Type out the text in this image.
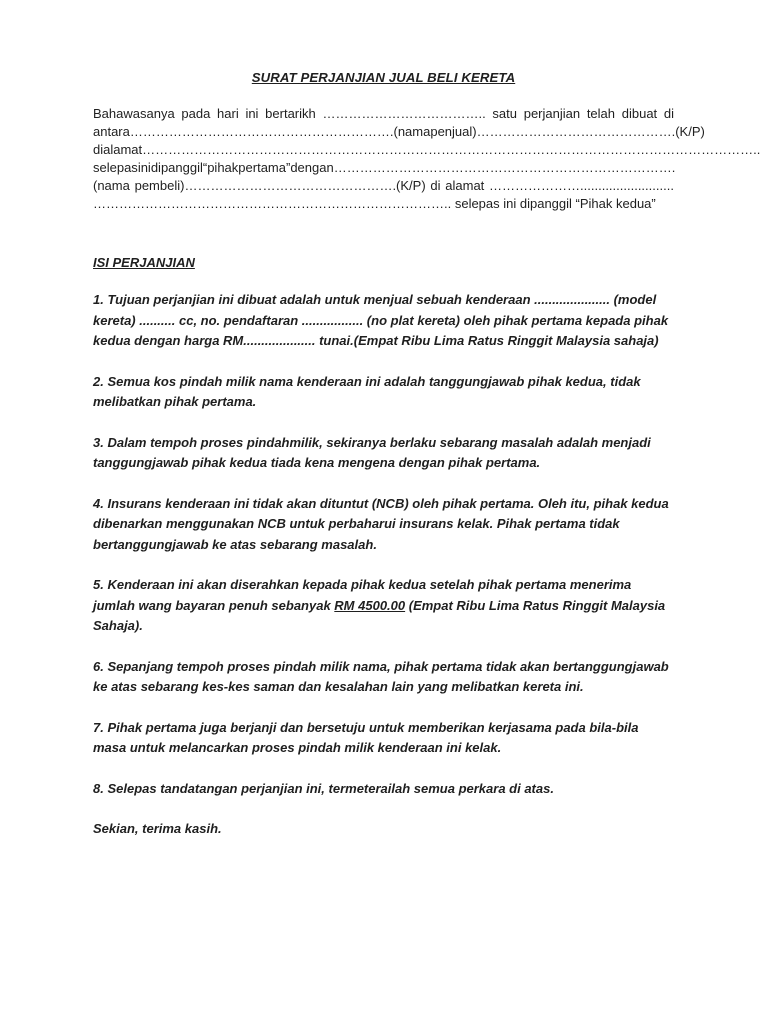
SURAT PERJANJIAN JUAL BELI KERETA
Bahawasanya pada hari ini bertarikh ……………………………….. satu perjanjian telah dibuat di
antara …………………………………………………….(nama penjual) ……………………………………….(K/P)
di alamat ……………………………………………………………………………………………………………………………..
selepas ini dipanggil “pihak pertama” dengan …………………………………………………………………….
(nama pembeli)………………………………………….(K/P) di alamat …………………..........................
……………………………………………………………………….. selepas ini dipanggil “Pihak kedua”
ISI PERJANJIAN

1. Tujuan perjanjian ini dibuat adalah untuk menjual sebuah kenderaan ..................... (model kereta) .......... cc, no. pendaftaran ................. (no plat kereta) oleh pihak pertama kepada pihak kedua dengan harga RM.................... tunai.(Empat Ribu Lima Ratus Ringgit Malaysia sahaja)

2. Semua kos pindah milik nama kenderaan ini adalah tanggungjawab pihak kedua, tidak melibatkan pihak pertama.

3. Dalam tempoh proses pindahmilik, sekiranya berlaku sebarang masalah adalah menjadi tanggungjawab pihak kedua tiada kena mengena dengan pihak pertama.

4. Insurans kenderaan ini tidak akan dituntut (NCB) oleh pihak pertama. Oleh itu, pihak kedua dibenarkan menggunakan NCB untuk perbaharui insurans kelak. Pihak pertama tidak bertanggungjawab ke atas sebarang masalah.

5. Kenderaan ini akan diserahkan kepada pihak kedua setelah pihak pertama menerima jumlah wang bayaran penuh sebanyak RM 4500.00 (Empat Ribu Lima Ratus Ringgit Malaysia Sahaja).

6. Sepanjang tempoh proses pindah milik nama, pihak pertama tidak akan bertanggungjawab ke atas sebarang kes-kes saman dan kesalahan lain yang melibatkan kereta ini.

7. Pihak pertama juga berjanji dan bersetuju untuk memberikan kerjasama pada bila-bila masa untuk melancarkan proses pindah milik kenderaan ini kelak.

8. Selepas tandatangan perjanjian ini, termeterailah semua perkara di atas.

Sekian, terima kasih.
